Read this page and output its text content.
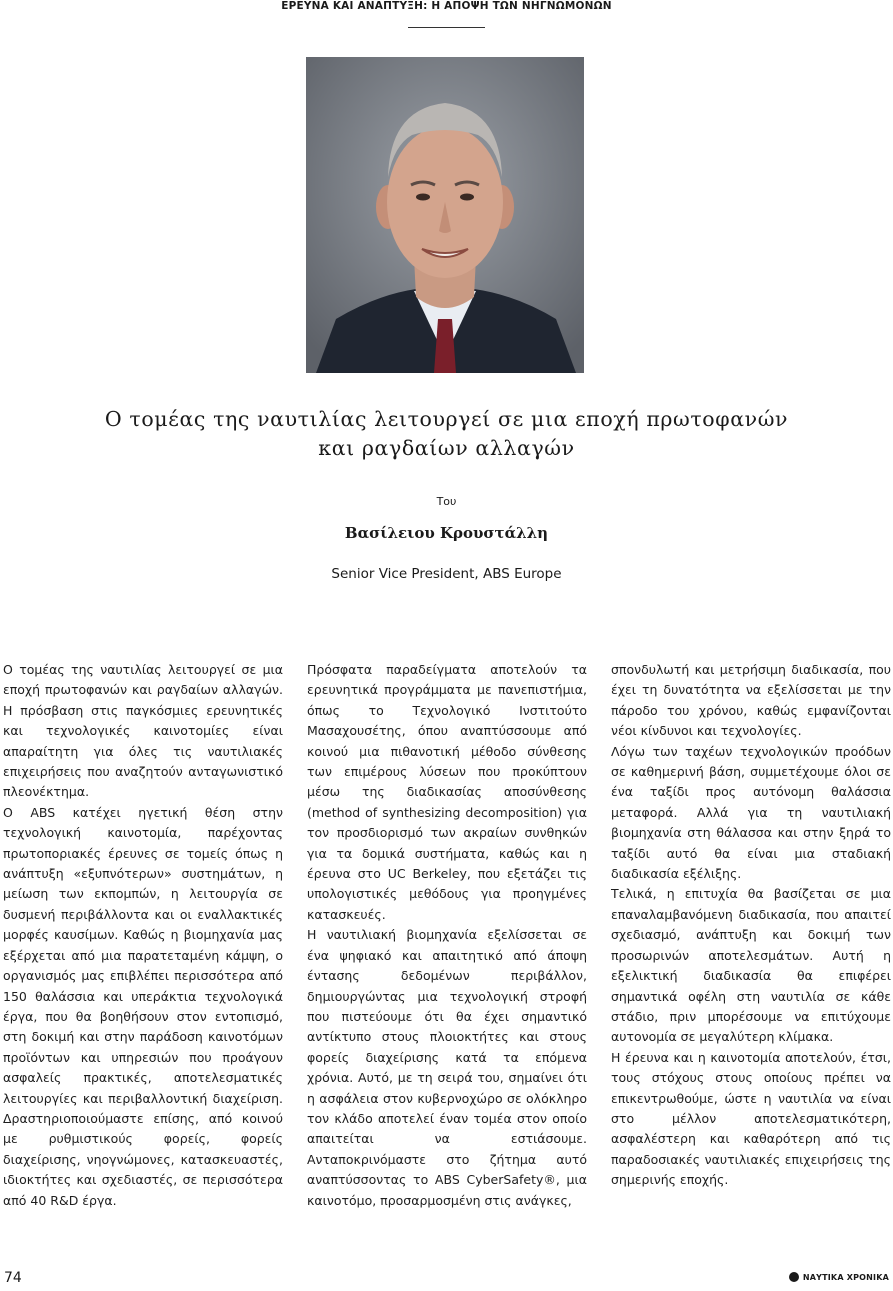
ΕΡΕΥΝΑ ΚΑΙ ΑΝΑΠΤΥΞΗ: Η ΑΠΟΨΗ ΤΩΝ ΝΗΓΝΩΜΟΝΩΝ
Ο τομέας της ναυτιλίας λειτουργεί σε μια εποχή πρωτοφανών
και ραγδαίων αλλαγών
Του
Βασίλειου Κρουστάλλη
Senior Vice President, ABS Europe

Ο τομέας της ναυτιλίας λειτουργεί σε μια εποχή πρωτοφανών και ραγδαίων αλλαγών. Η πρόσβαση στις παγκόσμιες ερευνητικές και τεχνολογικές καινοτομίες είναι απαραίτητη για όλες τις ναυτιλιακές επιχειρήσεις που αναζητούν ανταγωνιστικό πλεονέκτημα.

Ο ABS κατέχει ηγετική θέση στην τεχνολογική καινοτομία, παρέχοντας πρωτοποριακές έρευνες σε τομείς όπως η ανάπτυξη «εξυπνότερων» συστημάτων, η μείωση των εκπομπών, η λειτουργία σε δυσμενή περιβάλλοντα και οι εναλλακτικές μορφές καυσίμων. Καθώς η βιομηχανία μας εξέρχεται από μια παρατεταμένη κάμψη, ο οργανισμός μας επιβλέπει περισσότερα από 150 θαλάσσια και υπεράκτια τεχνολογικά έργα, που θα βοηθήσουν στον εντοπισμό, στη δοκιμή και στην παράδοση καινοτόμων προϊόντων και υπηρεσιών που προάγουν ασφαλείς πρακτικές, αποτελεσματικές λειτουργίες και περιβαλλοντική διαχείριση. Δραστηριοποιούμαστε επίσης, από κοινού με ρυθμιστικούς φορείς, φορείς διαχείρισης, νηογνώμονες, κατασκευαστές, ιδιοκτήτες και σχεδιαστές, σε περισσότερα από 40 R&D έργα.

Πρόσφατα παραδείγματα αποτελούν τα ερευνητικά προγράμματα με πανεπιστήμια, όπως το Τεχνολογικό Ινστιτούτο Μασαχουσέτης, όπου αναπτύσσουμε από κοινού μια πιθανοτική μέθοδο σύνθεσης των επιμέρους λύσεων που προκύπτουν μέσω της διαδικασίας αποσύνθεσης (method of synthesizing decomposition) για τον προσδιορισμό των ακραίων συνθηκών για τα δομικά συστήματα, καθώς και η έρευνα στο UC Berkeley, που εξετάζει τις υπολογιστικές μεθόδους για προηγμένες κατασκευές.

Η ναυτιλιακή βιομηχανία εξελίσσεται σε ένα ψηφιακό και απαιτητικό από άποψη έντασης δεδομένων περιβάλλον, δημιουργώντας μια τεχνολογική στροφή που πιστεύουμε ότι θα έχει σημαντικό αντίκτυπο στους πλοιοκτήτες και στους φορείς διαχείρισης κατά τα επόμενα χρόνια. Αυτό, με τη σειρά του, σημαίνει ότι η ασφάλεια στον κυβερνοχώρο σε ολόκληρο τον κλάδο αποτελεί έναν τομέα στον οποίο απαιτείται να εστιάσουμε. Ανταποκρινόμαστε στο ζήτημα αυτό αναπτύσσοντας το ABS CyberSafety®, μια καινοτόμο, προσαρμοσμένη στις ανάγκες,

σπονδυλωτή και μετρήσιμη διαδικασία, που έχει τη δυνατότητα να εξελίσσεται με την πάροδο του χρόνου, καθώς εμφανίζονται νέοι κίνδυνοι και τεχνολογίες.

Λόγω των ταχέων τεχνολογικών προόδων σε καθημερινή βάση, συμμετέχουμε όλοι σε ένα ταξίδι προς αυτόνομη θαλάσσια μεταφορά. Αλλά για τη ναυτιλιακή βιομηχανία στη θάλασσα και στην ξηρά το ταξίδι αυτό θα είναι μια σταδιακή διαδικασία εξέλιξης.

Τελικά, η επιτυχία θα βασίζεται σε μια επαναλαμβανόμενη διαδικασία, που απαιτεί σχεδιασμό, ανάπτυξη και δοκιμή των προσωρινών αποτελεσμάτων. Αυτή η εξελικτική διαδικασία θα επιφέρει σημαντικά οφέλη στη ναυτιλία σε κάθε στάδιο, πριν μπορέσουμε να επιτύχουμε αυτονομία σε μεγαλύτερη κλίμακα.

Η έρευνα και η καινοτομία αποτελούν, έτσι, τους στόχους στους οποίους πρέπει να επικεντρωθούμε, ώστε η ναυτιλία να είναι στο μέλλον αποτελεσματικότερη, ασφαλέστερη και καθαρότερη από τις παραδοσιακές ναυτιλιακές επιχειρήσεις της σημερινής εποχής.

74	ΝΑΥΤΙΚΑ ΧΡΟΝΙΚΑ
